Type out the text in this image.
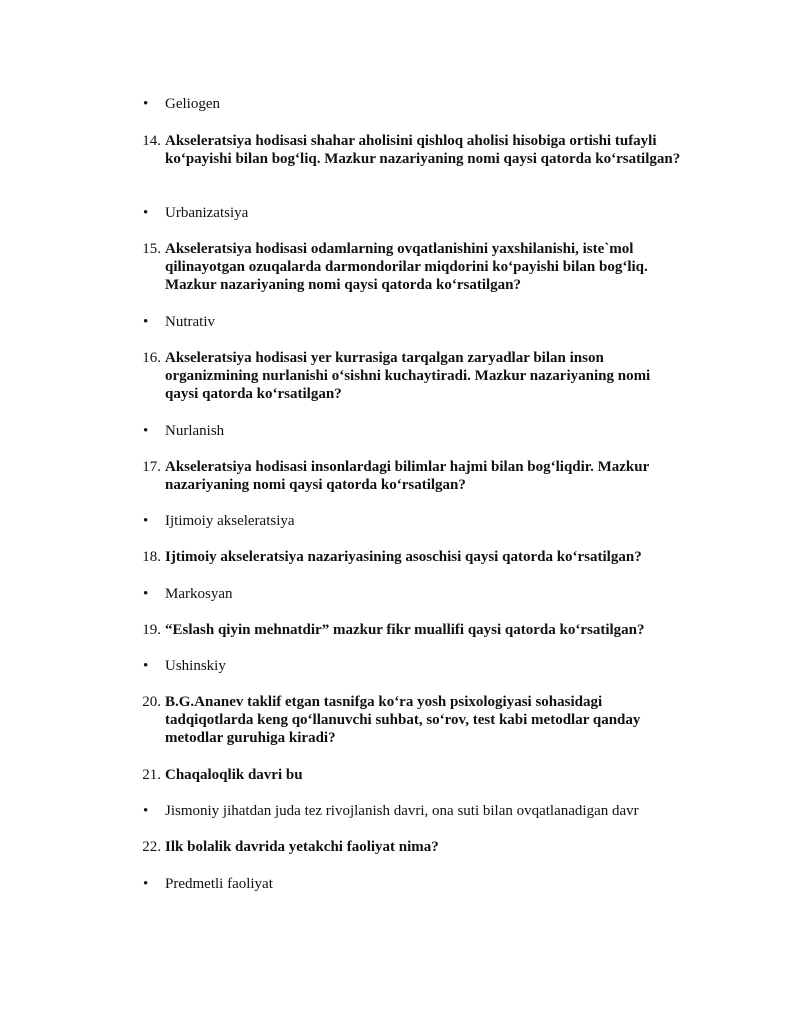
• Geliogen
14. Akseleratsiya hodisasi shahar aholisini qishloq aholisi hisobiga ortishi tufayli ko‘payishi bilan bog‘liq. Mazkur nazariyaning nomi qaysi qatorda ko‘rsatilgan?
• Urbanizatsiya
15. Akseleratsiya hodisasi odamlarning ovqatlanishini yaxshilanishi, iste`mol qilinayotgan ozuqalarda darmondorilar miqdorini ko‘payishi bilan bog‘liq. Mazkur nazariyaning nomi qaysi qatorda ko‘rsatilgan?
• Nutrativ
16. Akseleratsiya hodisasi yer kurrasiga tarqalgan zaryadlar bilan inson organizmining nurlanishi o‘sishni kuchaytiradi. Mazkur nazariyaning nomi qaysi qatorda ko‘rsatilgan?
• Nurlanish
17. Akseleratsiya hodisasi insonlardagi bilimlar hajmi bilan bog‘liqdir. Mazkur nazariyaning nomi qaysi qatorda ko‘rsatilgan?
• Ijtimoiy akseleratsiya
18. Ijtimoiy akseleratsiya nazariyasining asoschisi qaysi qatorda ko‘rsatilgan?
• Markosyan
19. “Eslash qiyin mehnatdir” mazkur fikr muallifi qaysi qatorda ko‘rsatilgan?
• Ushinskiy
20. B.G.Ananev taklif etgan tasnifga ko‘ra yosh psixologiyasi sohasidagi tadqiqotlarda keng qo‘llanuvchi suhbat, so‘rov, test kabi metodlar qanday metodlar guruhiga kiradi?
21. Chaqaloqlik davri bu
• Jismoniy jihatdan juda tez rivojlanish davri, ona suti bilan ovqatlanadigan davr
22. Ilk bolalik davrida yetakchi faoliyat nima?
• Predmetli faoliyat
